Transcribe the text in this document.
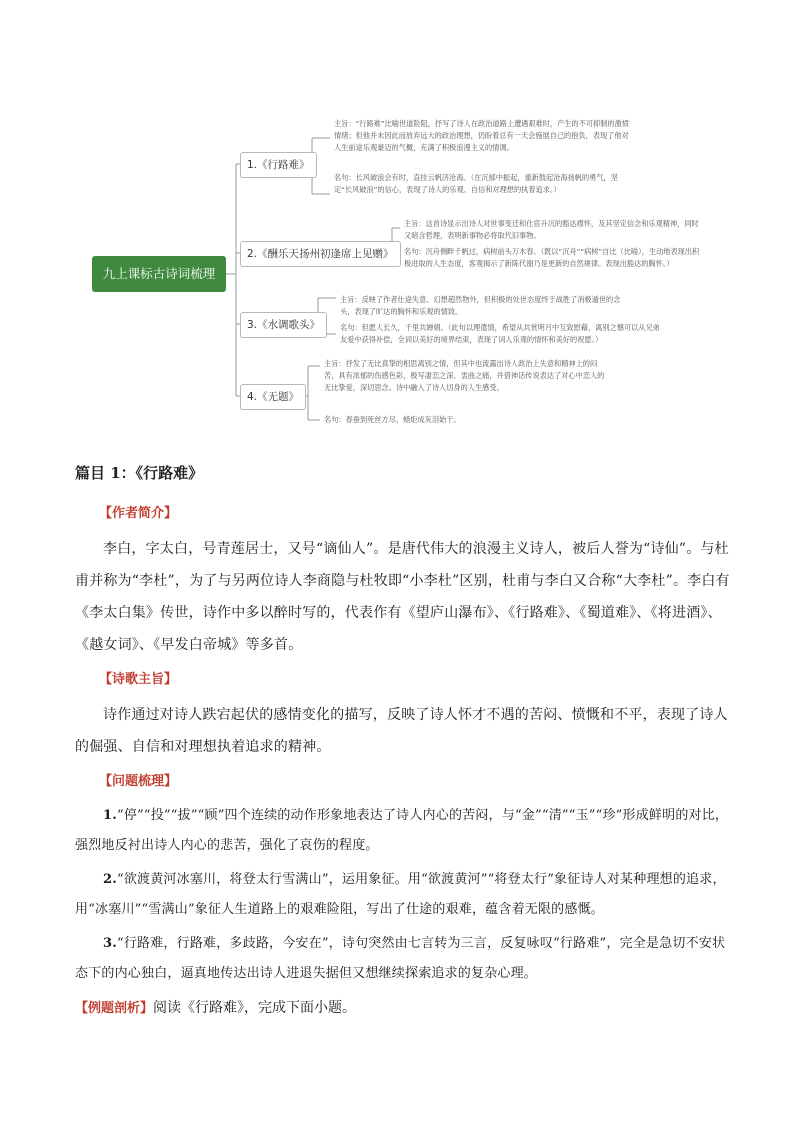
九上课标古诗词梳理
1.《行路难》
2.《酬乐天扬州初逢席上见赠》
3.《水调歌头》
4.《无题》

主旨：“行路难”比喻世道险阻，抒写了诗人在政治道路上遭遇艰难时，产生的不可抑制的激愤情绪；但他并未因此而放弃远大的政治理想，仍盼着总有一天会施展自己的抱负，表现了他对人生前途乐观豪迈的气概，充满了积极浪漫主义的情调。

名句：长风破浪会有时，直挂云帆济沧海。（在沉郁中振起，重新鼓起沧海扬帆的勇气，坚定“长风破浪”的信心，表现了诗人的乐观、自信和对理想的执着追求。）

主旨：这首诗显示出诗人对世事变迁和仕宦升沉的豁达襟怀，及其坚定信念和乐观精神，同时又暗含哲理，表明新事物必将取代旧事物。

名句：沉舟侧畔千帆过，病树前头万木春。（既以“沉舟”“病树”自比（比喻），生动地表现出积极进取的人生态度，客观揭示了新陈代谢乃是更新的自然规律。表现出豁达的胸怀。）

主旨：反映了作者仕途失意、幻想超然物外，但积极的处世态度终于战胜了消极遁世的念头，表现了旷达的胸怀和乐观的情致。

名句：但愿人长久，千里共婵娟。（此句以理遣情，希望从共赏明月中互致慰藉，离别之憾可以从兄弟友爱中获得补偿，全词以美好的境界结束，表现了词人乐观的情怀和美好的祝愿。）

主旨：抒发了无比真挚的相思离别之情，但其中也流露出诗人政治上失意和精神上的闷苦，具有浓郁的伤感色彩，极写凄恋之深、衷曲之痛，并借神话传说表达了对心中恋人的无比挚爱，深切思念。诗中融入了诗人切身的人生感受。

名句：春蚕到死丝方尽，蜡炬成灰泪始干。

篇目 1：《行路难》
【作者简介】

李白，字太白，号青莲居士，又号“谪仙人”。是唐代伟大的浪漫主义诗人，被后人誉为“诗仙”。与杜甫并称为“李杜”，为了与另两位诗人李商隐与杜牧即“小李杜”区别，杜甫与李白又合称“大李杜”。李白有《李太白集》传世，诗作中多以醉时写的，代表作有《望庐山瀑布》、《行路难》、《蜀道难》、《将进酒》、《越女词》、《早发白帝城》等多首。

【诗歌主旨】

诗作通过对诗人跌宕起伏的感情变化的描写，反映了诗人怀才不遇的苦闷、愤慨和不平，表现了诗人的倔强、自信和对理想执着追求的精神。

【问题梳理】

1.“停”“投”“拔”“顾”四个连续的动作形象地表达了诗人内心的苦闷，与“金”“清”“玉”“珍”形成鲜明的对比，强烈地反衬出诗人内心的悲苦，强化了哀伤的程度。

2.“欲渡黄河冰塞川，将登太行雪满山”，运用象征。用“欲渡黄河”“将登太行”象征诗人对某种理想的追求，用“冰塞川”“雪满山”象征人生道路上的艰难险阻，写出了仕途的艰难，蕴含着无限的感慨。

3.“行路难，行路难，多歧路，今安在”，诗句突然由七言转为三言，反复咏叹“行路难”，完全是急切不安状态下的内心独白，逼真地传达出诗人进退失据但又想继续探索追求的复杂心理。

【例题剖析】阅读《行路难》，完成下面小题。
